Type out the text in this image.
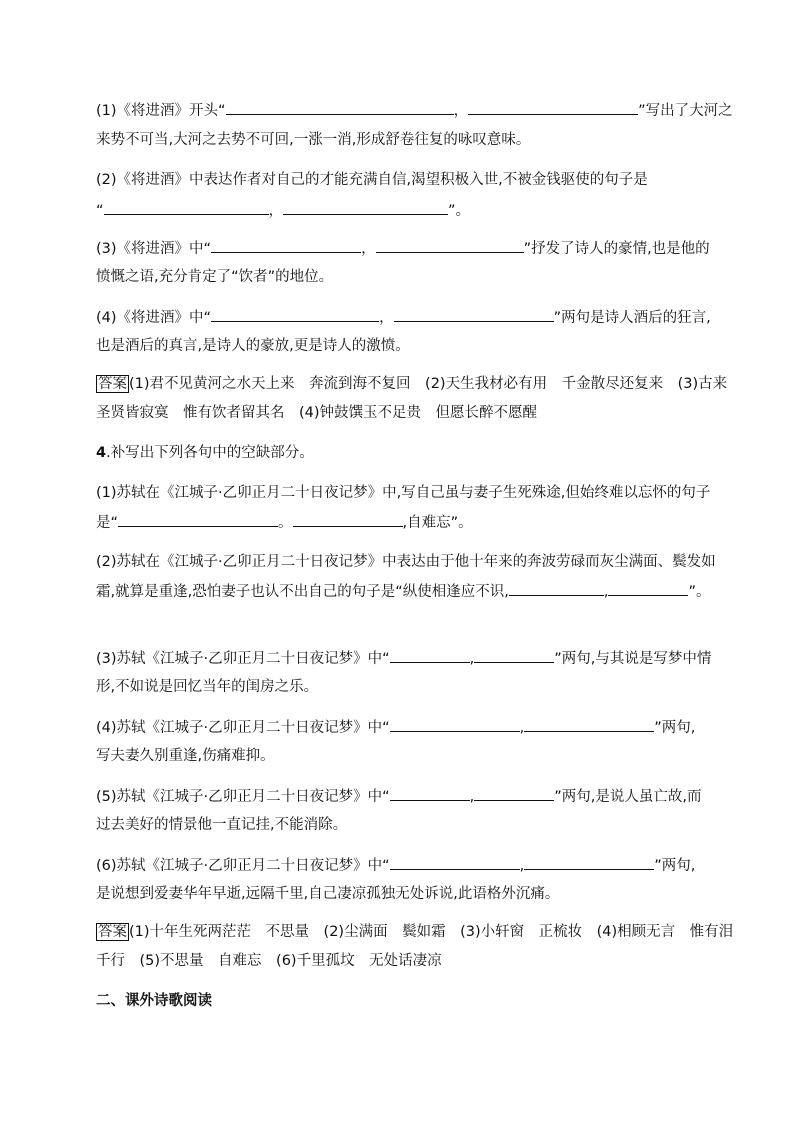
(1)《将进酒》开头“	，	”写出了大河之
来势不可当,大河之去势不可回,一涨一消,形成舒卷往复的咏叹意味。
(2)《将进酒》中表达作者对自己的才能充满自信,渴望积极入世,不被金钱驱使的句子是
“	，	”。
(3)《将进酒》中“	，	”抒发了诗人的豪情,也是他的
愤慨之语,充分肯定了“饮者”的地位。
(4)《将进酒》中“	，	”两句是诗人酒后的狂言,
也是酒后的真言,是诗人的豪放,更是诗人的激愤。
答案 (1)君不见黄河之水天上来　奔流到海不复回　(2)天生我材必有用　千金散尽还复来　(3)古来
圣贤皆寂寞　惟有饮者留其名　(4)钟鼓馔玉不足贵　但愿长醉不愿醒
4.补写出下列各句中的空缺部分。
(1)苏轼在《江城子·乙卯正月二十日夜记梦》中,写自己虽与妻子生死殊途,但始终难以忘怀的句子
是“	。	,自难忘”。
(2)苏轼在《江城子·乙卯正月二十日夜记梦》中表达由于他十年来的奔波劳碌而灰尘满面、鬓发如
霜,就算是重逢,恐怕妻子也认不出自己的句子是“纵使相逢应不识,	,	”。
(3)苏轼《江城子·乙卯正月二十日夜记梦》中“	,	”两句,与其说是写梦中情
形,不如说是回忆当年的闺房之乐。
(4)苏轼《江城子·乙卯正月二十日夜记梦》中“	,	”两句,
写夫妻久别重逢,伤痛难抑。
(5)苏轼《江城子·乙卯正月二十日夜记梦》中“	,	”两句,是说人虽亡故,而
过去美好的情景他一直记挂,不能消除。
(6)苏轼《江城子·乙卯正月二十日夜记梦》中“	,	”两句,
是说想到爱妻华年早逝,远隔千里,自己凄凉孤独无处诉说,此语格外沉痛。
答案 (1)十年生死两茫茫　不思量　(2)尘满面　鬓如霜　(3)小轩窗　正梳妆　(4)相顾无言　惟有泪
千行　(5)不思量　自难忘　(6)千里孤坟　无处话凄凉
二、课外诗歌阅读
